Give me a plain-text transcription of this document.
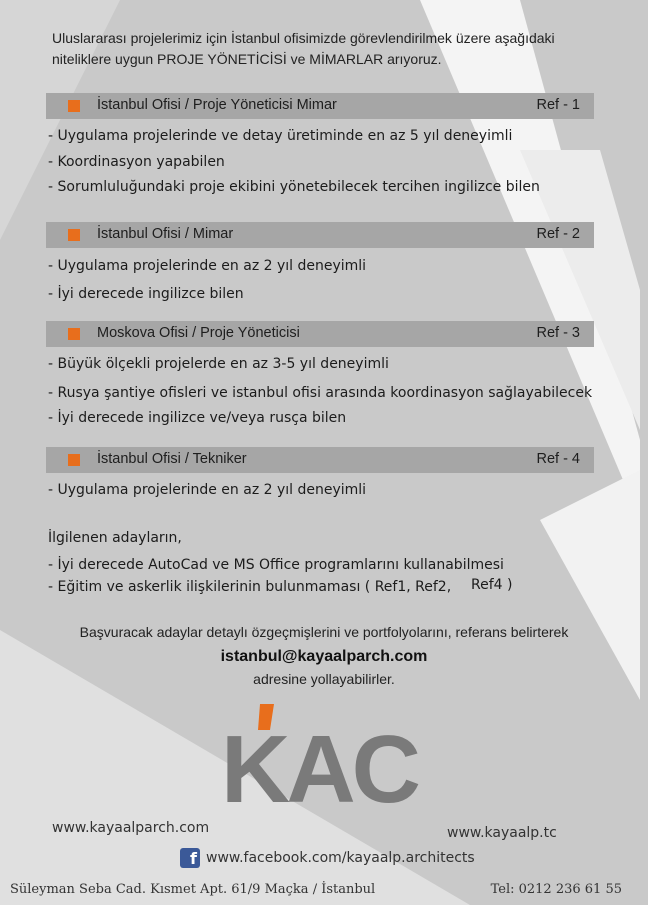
Uluslararası projelerimiz için İstanbul ofisimizde görevlendirilmek üzere aşağıdaki
niteliklere uygun PROJE YÖNETİCİSİ ve MİMARLAR arıyoruz.
İstanbul Ofisi / Proje Yöneticisi Mimar	Ref - 1
- Uygulama projelerinde ve detay üretiminde en az 5 yıl deneyimli
- Koordinasyon yapabilen
- Sorumluluğundaki proje ekibini yönetebilecek tercihen ingilizce bilen
İstanbul Ofisi / Mimar	Ref - 2
- Uygulama projelerinde en az 2 yıl deneyimli
- İyi derecede ingilizce bilen
Moskova Ofisi / Proje Yöneticisi	Ref - 3
- Büyük ölçekli projelerde en az 3-5 yıl deneyimli
- Rusya şantiye ofisleri ve istanbul ofisi arasında koordinasyon sağlayabilecek
- İyi derecede ingilizce ve/veya rusça bilen
İstanbul Ofisi / Tekniker	Ref - 4
- Uygulama projelerinde en az 2 yıl deneyimli
İlgilenen adayların,
- İyi derecede AutoCad ve MS Office programlarını kullanabilmesi
- Eğitim ve askerlik ilişkilerinin bulunmaması ( Ref1, Ref2, Ref4 )
Başvuracak adaylar detaylı özgeçmişlerini ve portfolyolarını, referans belirterek
istanbul@kayaalparch.com
adresine yollayabilirler.
KAC
www.kayaalparch.com	www.kayaalp.tc
f www.facebook.com/kayaalp.architects
Süleyman Seba Cad. Kısmet Apt. 61/9 Maçka / İstanbul	Tel: 0212 236 61 55
